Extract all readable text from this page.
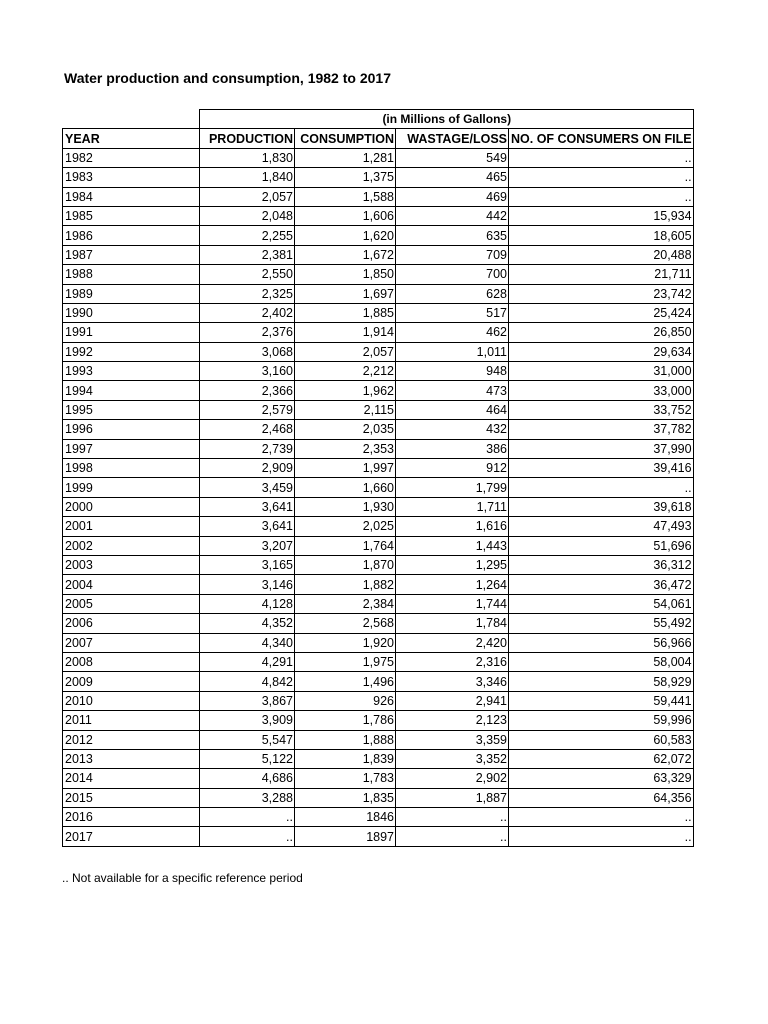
Water production and consumption, 1982 to 2017
	(in Millions of Gallons)			
YEAR	PRODUCTION	CONSUMPTION	WASTAGE/LOSS	NO. OF CONSUMERS ON FILE
1982	1,830	1,281	549	..
1983	1,840	1,375	465	..
1984	2,057	1,588	469	..
1985	2,048	1,606	442	15,934
1986	2,255	1,620	635	18,605
1987	2,381	1,672	709	20,488
1988	2,550	1,850	700	21,711
1989	2,325	1,697	628	23,742
1990	2,402	1,885	517	25,424
1991	2,376	1,914	462	26,850
1992	3,068	2,057	1,011	29,634
1993	3,160	2,212	948	31,000
1994	2,366	1,962	473	33,000
1995	2,579	2,115	464	33,752
1996	2,468	2,035	432	37,782
1997	2,739	2,353	386	37,990
1998	2,909	1,997	912	39,416
1999	3,459	1,660	1,799	..
2000	3,641	1,930	1,711	39,618
2001	3,641	2,025	1,616	47,493
2002	3,207	1,764	1,443	51,696
2003	3,165	1,870	1,295	36,312
2004	3,146	1,882	1,264	36,472
2005	4,128	2,384	1,744	54,061
2006	4,352	2,568	1,784	55,492
2007	4,340	1,920	2,420	56,966
2008	4,291	1,975	2,316	58,004
2009	4,842	1,496	3,346	58,929
2010	3,867	926	2,941	59,441
2011	3,909	1,786	2,123	59,996
2012	5,547	1,888	3,359	60,583
2013	5,122	1,839	3,352	62,072
2014	4,686	1,783	2,902	63,329
2015	3,288	1,835	1,887	64,356
2016	..	1846	..	..
2017	..	1897	..	..
.. Not available for a specific reference period
